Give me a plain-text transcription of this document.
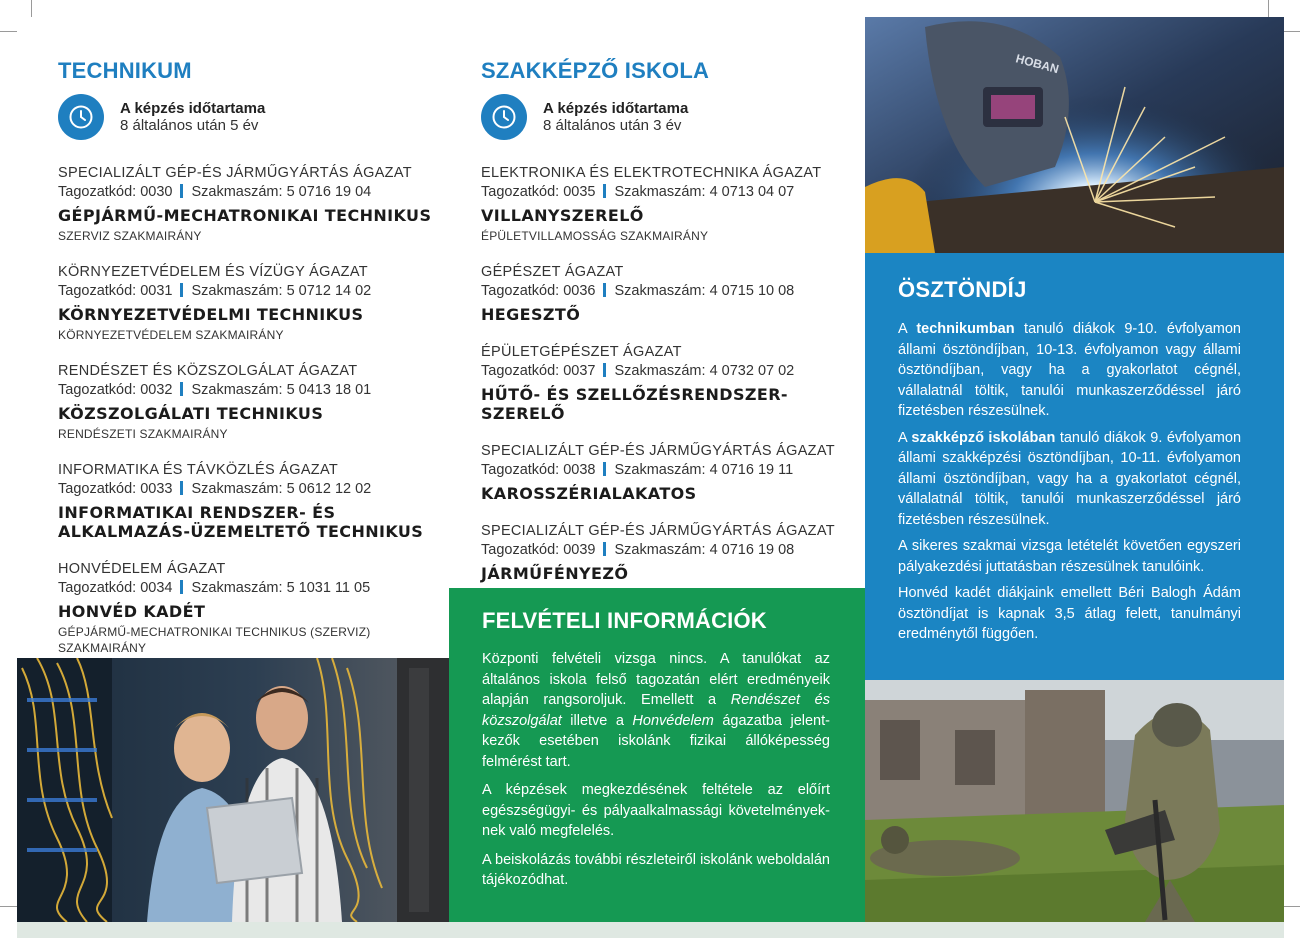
TECHNIKUM
A képzés időtartama
8 általános után 5 év
SPECIALIZÁLT GÉP-ÉS JÁRMŰGYÁRTÁS ÁGAZAT
Tagozatkód: 0030 Szakmaszám: 5 0716 19 04
GÉPJÁRMŰ-MECHATRONIKAI TECHNIKUS
SZERVIZ SZAKMAIRÁNY
KÖRNYEZETVÉDELEM ÉS VÍZÜGY ÁGAZAT
Tagozatkód: 0031 Szakmaszám: 5 0712 14 02
KÖRNYEZETVÉDELMI TECHNIKUS
KÖRNYEZETVÉDELEM SZAKMAIRÁNY
RENDÉSZET ÉS KÖZSZOLGÁLAT ÁGAZAT
Tagozatkód: 0032 Szakmaszám: 5 0413 18 01
KÖZSZOLGÁLATI TECHNIKUS
RENDÉSZETI SZAKMAIRÁNY
INFORMATIKA ÉS TÁVKÖZLÉS ÁGAZAT
Tagozatkód: 0033 Szakmaszám: 5 0612 12 02
INFORMATIKAI RENDSZER- ÉS
ALKALMAZÁS-ÜZEMELTETŐ TECHNIKUS
HONVÉDELEM ÁGAZAT
Tagozatkód: 0034 Szakmaszám: 5 1031 11 05
HONVÉD KADÉT
GÉPJÁRMŰ-MECHATRONIKAI TECHNIKUS (SZERVIZ) SZAKMAIRÁNY
SZAKKÉPZŐ ISKOLA
A képzés időtartama
8 általános után 3 év
ELEKTRONIKA ÉS ELEKTROTECHNIKA ÁGAZAT
Tagozatkód: 0035 Szakmaszám: 4 0713 04 07
VILLANYSZERELŐ
ÉPÜLETVILLAMOSSÁG SZAKMAIRÁNY
GÉPÉSZET ÁGAZAT
Tagozatkód: 0036 Szakmaszám: 4 0715 10 08
HEGESZTŐ
ÉPÜLETGÉPÉSZET ÁGAZAT
Tagozatkód: 0037 Szakmaszám: 4 0732 07 02
HŰTŐ- ÉS SZELLŐZÉSRENDSZER-SZERELŐ
SPECIALIZÁLT GÉP-ÉS JÁRMŰGYÁRTÁS ÁGAZAT
Tagozatkód: 0038 Szakmaszám: 4 0716 19 11
KAROSSZÉRIALAKATOS
SPECIALIZÁLT GÉP-ÉS JÁRMŰGYÁRTÁS ÁGAZAT
Tagozatkód: 0039 Szakmaszám: 4 0716 19 08
JÁRMŰFÉNYEZŐ
FELVÉTELI INFORMÁCIÓK

Központi felvételi vizsga nincs. A tanulókat az általános iskola felső tagozatán elért eredményeik alapján rangsoroljuk. Emellett a Rendészet és közszolgálat illetve a Honvédelem ágazatba jelentkezők esetében iskolánk fizikai állóképesség felmérést tart.

A képzések megkezdésének feltétele az előírt egészségügyi- és pályaalkalmassági követelményeknek való megfelelés.

A beiskolázás további részleteiről iskolánk weboldalán tájékozódhat.

HOBAN
ÖSZTÖNDÍJ

A technikumban tanuló diákok 9-10. évfolyamon állami ösztöndíjban, 10-13. évfolyamon vagy állami ösztöndíjban, vagy ha a gyakorlatot cégnél, vállalatnál töltik, tanulói munkaszerződéssel járó fizetésben részesülnek.

A szakképző iskolában tanuló diákok 9. évfolyamon állami szakképzési ösztöndíjban, 10-11. évfolyamon állami ösztöndíjban, vagy ha a gyakorlatot cégnél, vállalatnál töltik, tanulói munkaszerződéssel járó fizetésben részesülnek.

A sikeres szakmai vizsga letételét követően egyszeri pályakezdési juttatásban részesülnek tanulóink.

Honvéd kadét diákjaink emellett Béri Balogh Ádám ösztöndíjat is kapnak 3,5 átlag felett, tanulmányi eredménytől függően.
